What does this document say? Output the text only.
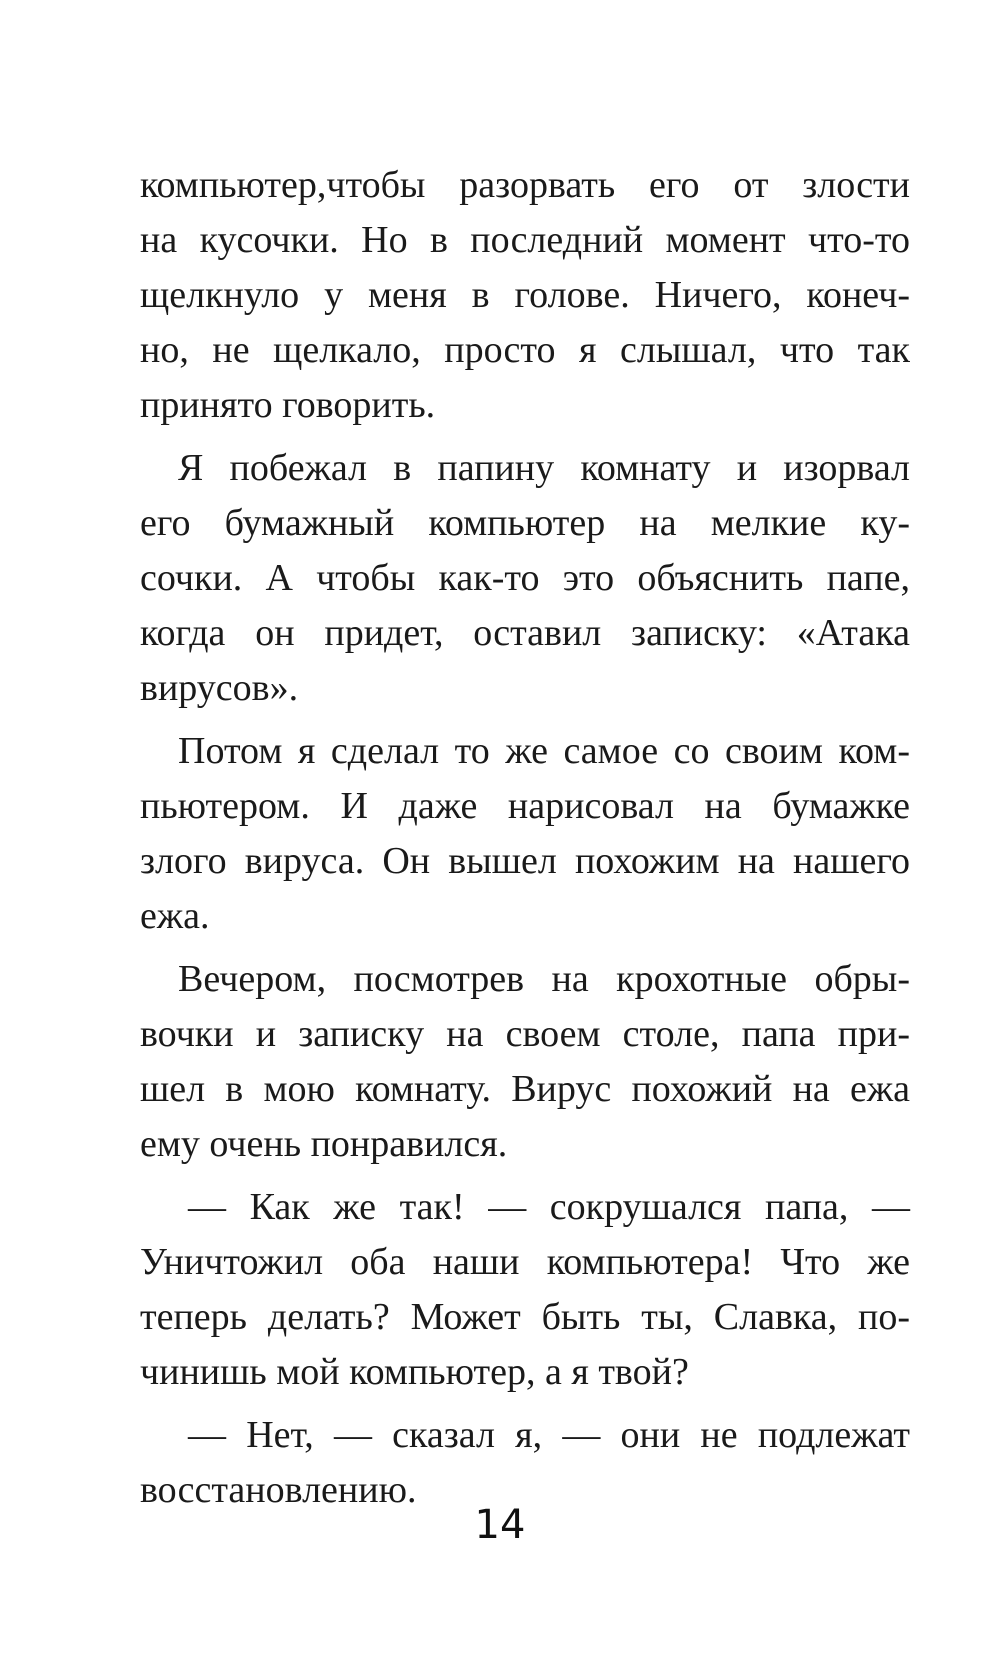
компьютер,чтобы разорвать его от злости
на кусочки. Но в последний момент что-то
щелкнуло у меня в голове. Ничего, конеч-
но, не щелкало, просто я слышал, что так
принято говорить.
Я побежал в папину комнату и изорвал
его бумажный компьютер на мелкие ку-
сочки. А чтобы как-то это объяснить папе,
когда он придет, оставил записку: «Атака
вирусов».
Потом я сделал то же самое со своим ком-
пьютером. И даже нарисовал на бумажке
злого вируса. Он вышел похожим на нашего
ежа.
Вечером, посмотрев на крохотные обры-
вочки и записку на своем столе, папа при-
шел в мою комнату. Вирус похожий на ежа
ему очень понравился.
— Как же так! — сокрушался папа, —
Уничтожил оба наши компьютера! Что же
теперь делать? Может быть ты, Славка, по-
чинишь мой компьютер, а я твой?
— Нет, — сказал я, — они не подлежат
восстановлению.
14
